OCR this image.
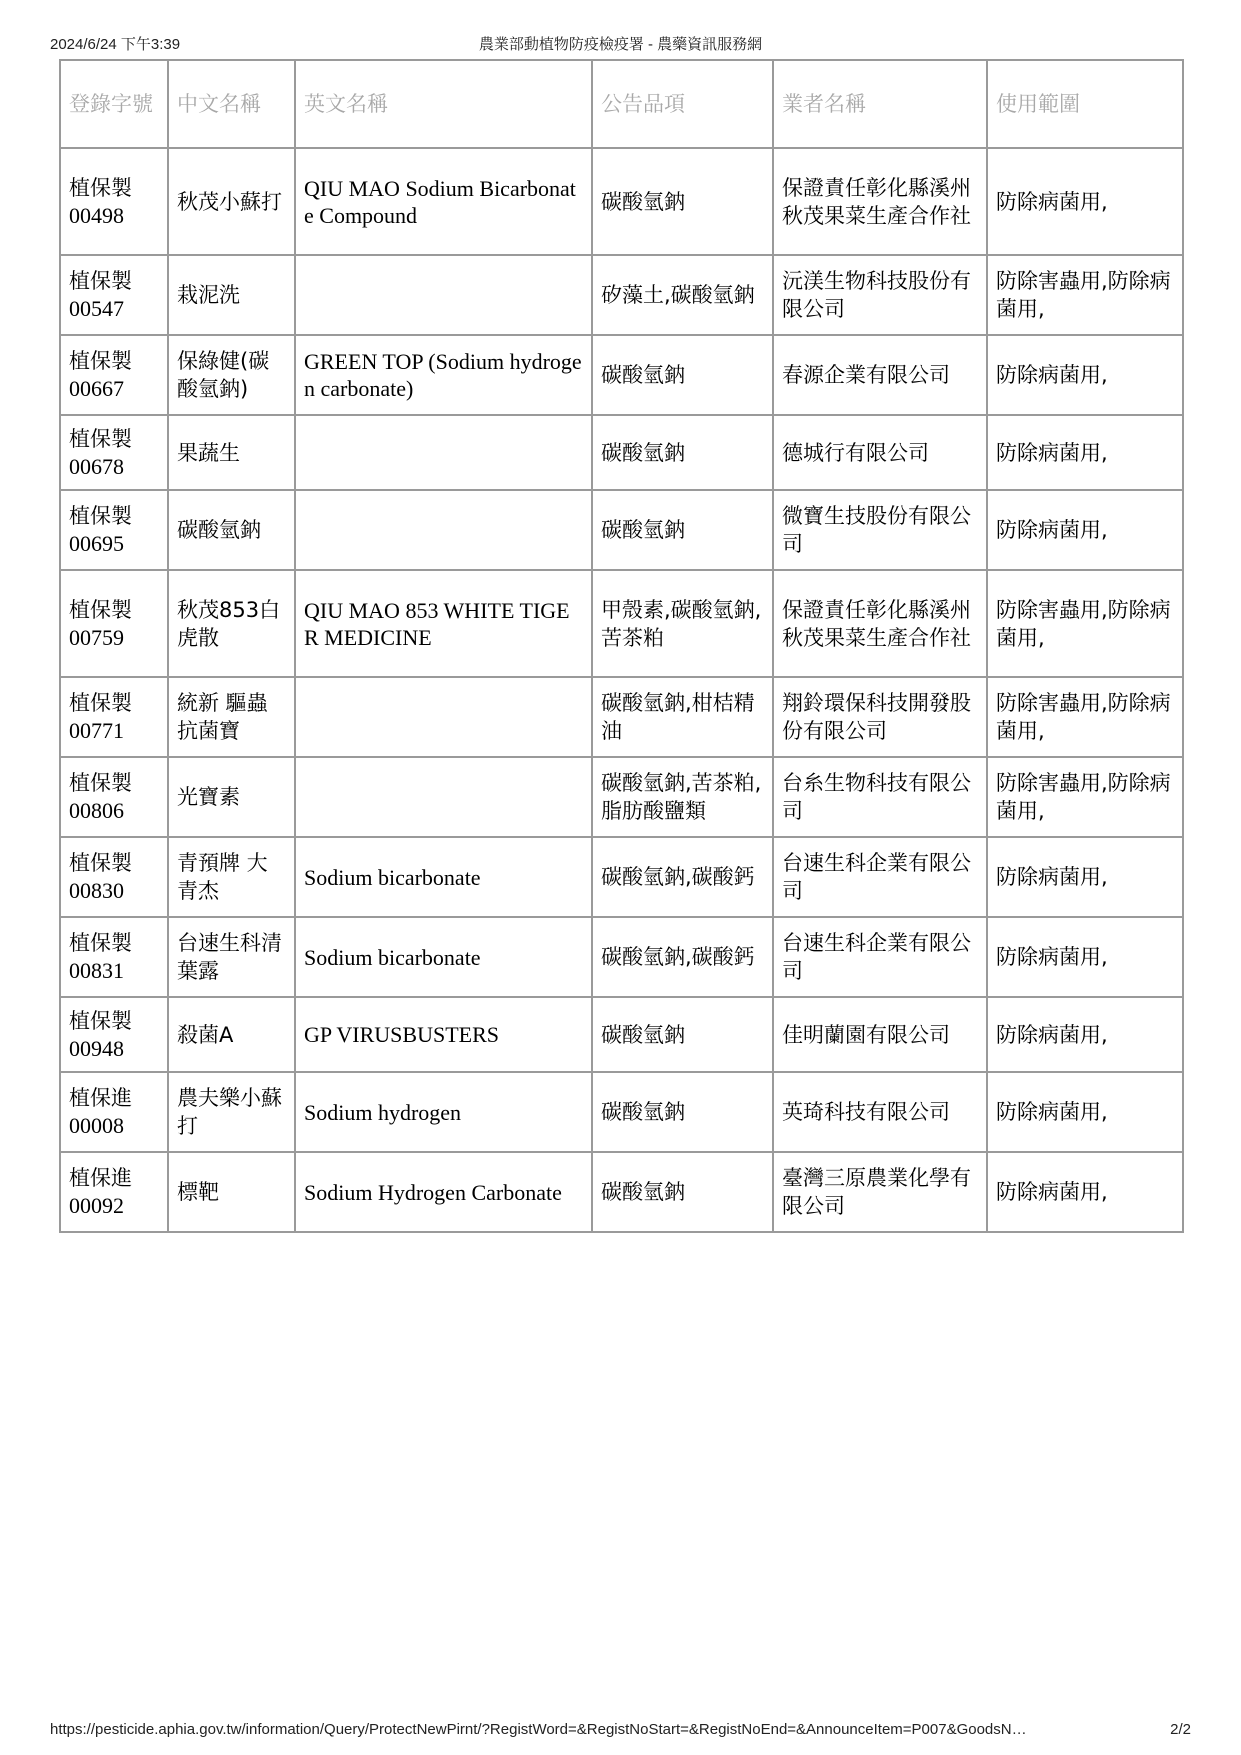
2024/6/24 下午3:39	農業部動植物防疫檢疫署 - 農藥資訊服務網
登錄字號	中文名稱	英文名稱	公告品項	業者名稱	使用範圍
植保製
00498	秋茂小蘇打	QIU MAO Sodium Bicarbonate Compound	碳酸氫鈉	保證責任彰化縣溪州秋茂果菜生產合作社	防除病菌用,
植保製
00547	栽泥洗		矽藻土,碳酸氫鈉	沅渼生物科技股份有限公司	防除害蟲用,防除病菌用,
植保製
00667	保綠健(碳酸氫鈉)	GREEN TOP (Sodium hydrogen carbonate)	碳酸氫鈉	春源企業有限公司	防除病菌用,
植保製
00678	果蔬生		碳酸氫鈉	德城行有限公司	防除病菌用,
植保製
00695	碳酸氫鈉		碳酸氫鈉	微寶生技股份有限公司	防除病菌用,
植保製
00759	秋茂853白虎散	QIU MAO 853 WHITE TIGER MEDICINE	甲殼素,碳酸氫鈉,苦茶粕	保證責任彰化縣溪州秋茂果菜生產合作社	防除害蟲用,防除病菌用,
植保製
00771	統新 驅蟲抗菌寶		碳酸氫鈉,柑桔精油	翔鈴環保科技開發股份有限公司	防除害蟲用,防除病菌用,
植保製
00806	光寶素		碳酸氫鈉,苦茶粕,脂肪酸鹽類	台糸生物科技有限公司	防除害蟲用,防除病菌用,
植保製
00830	青預牌 大青杰	Sodium bicarbonate	碳酸氫鈉,碳酸鈣	台速生科企業有限公司	防除病菌用,
植保製
00831	台速生科清葉露	Sodium bicarbonate	碳酸氫鈉,碳酸鈣	台速生科企業有限公司	防除病菌用,
植保製
00948	殺菌A	GP VIRUSBUSTERS	碳酸氫鈉	佳明蘭園有限公司	防除病菌用,
植保進
00008	農夫樂小蘇打	Sodium hydrogen	碳酸氫鈉	英琦科技有限公司	防除病菌用,
植保進
00092	標靶	Sodium Hydrogen Carbonate	碳酸氫鈉	臺灣三原農業化學有限公司	防除病菌用,
https://pesticide.aphia.gov.tw/information/Query/ProtectNewPirnt/?RegistWord=&RegistNoStart=&RegistNoEnd=&AnnounceItem=P007&GoodsN…	2/2
